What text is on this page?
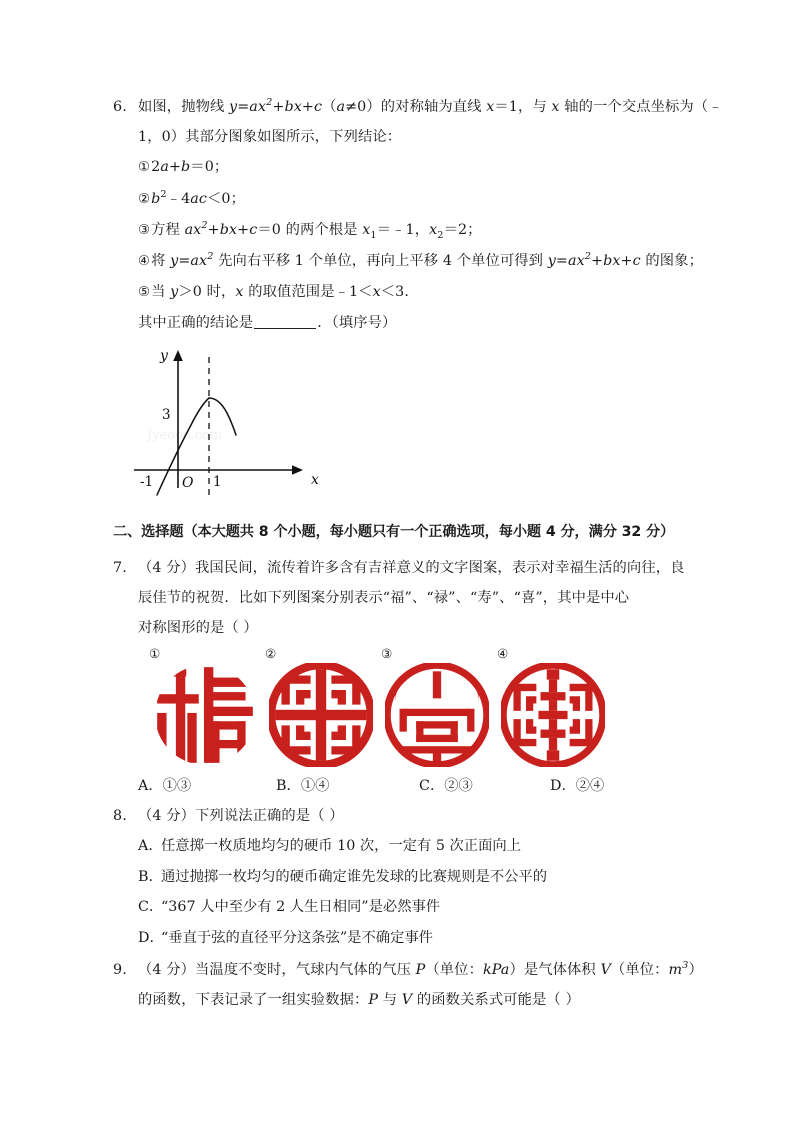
6. 如图，抛物线 $y=ax^2+bx+c(a\ne 0)$的对称轴为直线 x＝1，与 x 轴的一个交点坐标为（﹣
1，0）其部分图象如图所示，下列结论：
①2a+b＝0；
$②b^2﹣4ac<0$；
③方程 $ax^2+bx+c=0$ 的两个根是 $x_1=﹣1$，$x_2=2$；
④将 $y=ax^2$ 先向右平移 1 个单位，再向上平移 4 个单位可得到 $y=ax^2+bx+c$ 的图象；
⑤当 y＞0 时，x 的取值范围是﹣1＜x＜3.
其中正确的结论是	．（填序号）
Jyeooo.com
y
x
3
-1 O 1
二、选择题（本大题共 8 个小题，每小题只有一个正确选项，每小题 4 分，满分 32 分）
7. （4 分）我国民间，流传着许多含有吉祥意义的文字图案，表示对幸福生活的向往，良
辰佳节的祝贺．比如下列图案分别表示“福”、“禄”、“寿”、“喜”，其中是中心
对称图形的是（ ）
①	②	③	④
A．①③	B．①④	C．②③	D．②④
8. （4 分）下列说法正确的是（ ）
A．任意掷一枚质地均匀的硬币 10 次，一定有 5 次正面向上
B．通过抛掷一枚均匀的硬币确定谁先发球的比赛规则是不公平的
C．“367 人中至少有 2 人生日相同”是必然事件
D．“垂直于弦的直径平分这条弦”是不确定事件
9. （4 分）当温度不变时，气球内气体的气压 P（单位：kPa）是气体体积 V（单位：$m^3$）
的函数，下表记录了一组实验数据：P 与 V 的函数关系式可能是（ ）
